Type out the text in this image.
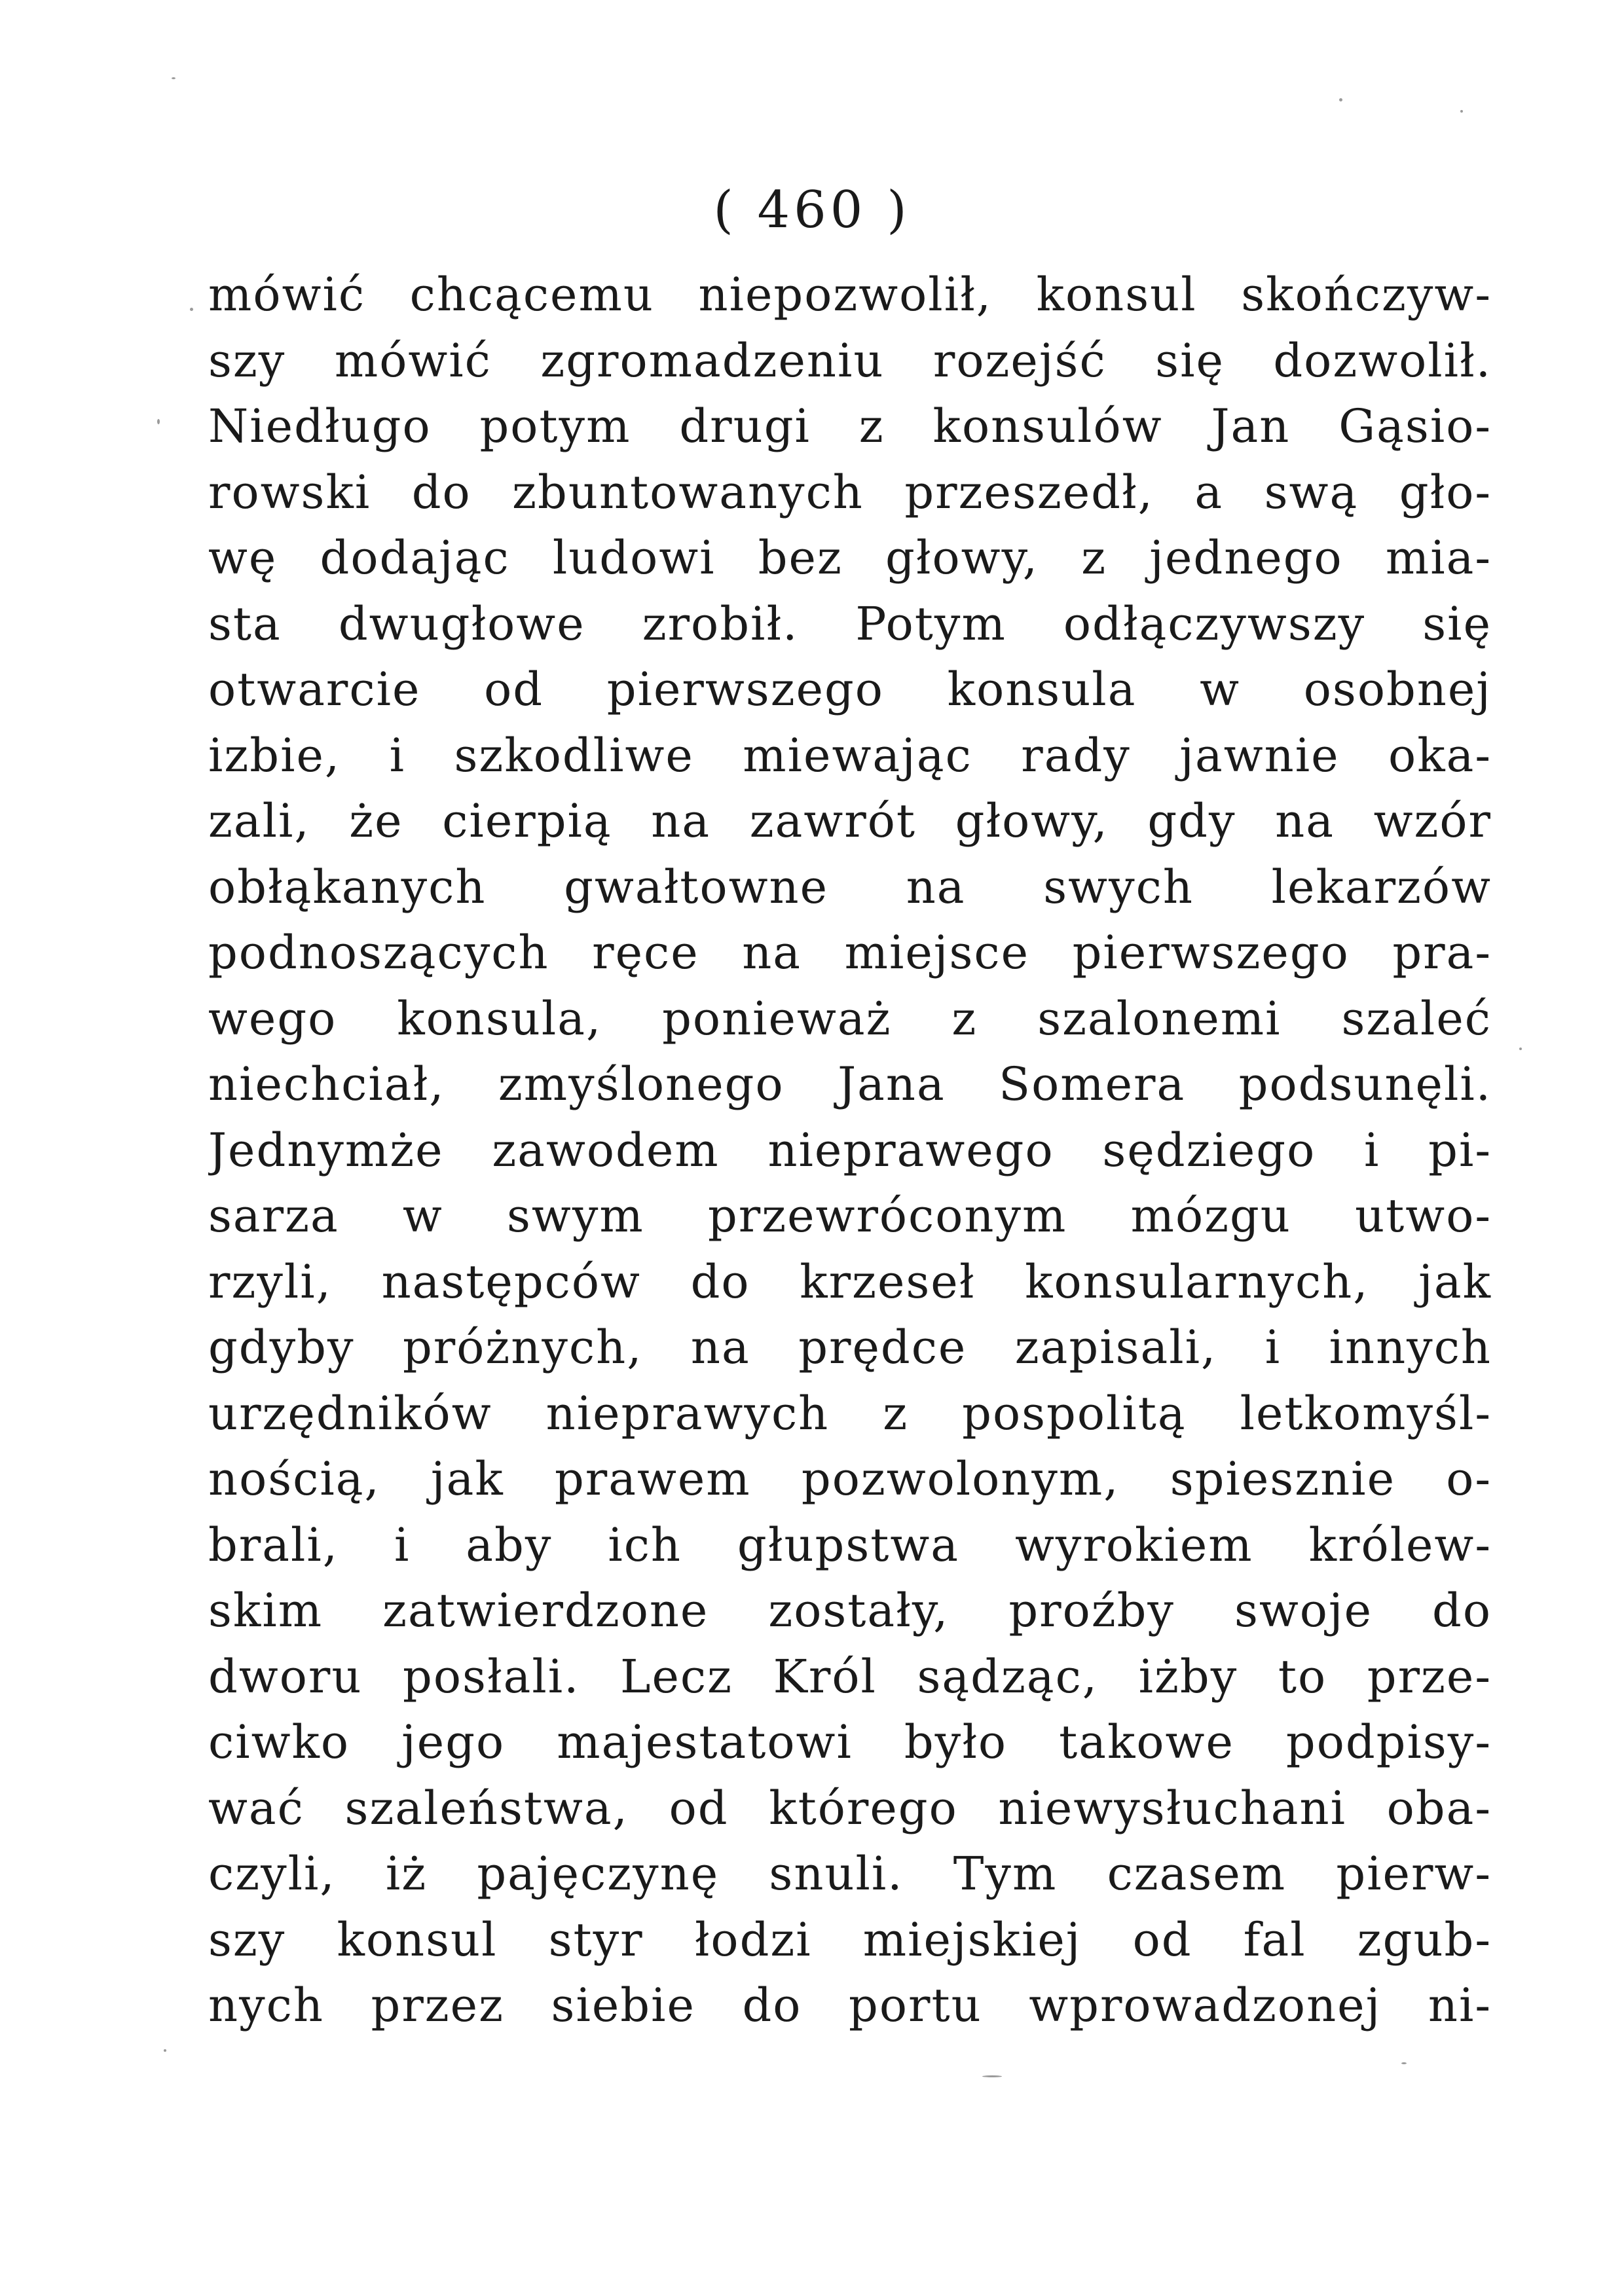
( 460 )
mówić chcącemu niepozwolił, konsul skończyw-
szy mówić zgromadzeniu rozejść się dozwolił.
Niedługo potym drugi z konsulów Jan Gąsio-
rowski do zbuntowanych przeszedł, a swą gło-
wę dodając ludowi bez głowy, z jednego mia-
sta dwugłowe zrobił. Potym odłączywszy się
otwarcie od pierwszego konsula w osobnej
izbie, i szkodliwe miewając rady jawnie oka-
zali, że cierpią na zawrót głowy, gdy na wzór
obłąkanych gwałtowne na swych lekarzów
podnoszących ręce na miejsce pierwszego pra-
wego konsula, ponieważ z szalonemi szaleć
niechciał, zmyślonego Jana Somera podsunęli.
Jednymże zawodem nieprawego sędziego i pi-
sarza w swym przewróconym mózgu utwo-
rzyli, następców do krzeseł konsularnych, jak
gdyby próżnych, na prędce zapisali, i innych
urzędników nieprawych z pospolitą letkomyśl-
nością, jak prawem pozwolonym, spiesznie o-
brali, i aby ich głupstwa wyrokiem królew-
skim zatwierdzone zostały, proźby swoje do
dworu posłali. Lecz Król sądząc, iżby to prze-
ciwko jego majestatowi było takowe podpisy-
wać szaleństwa, od którego niewysłuchani oba-
czyli, iż pajęczynę snuli. Tym czasem pierw-
szy konsul styr łodzi miejskiej od fal zgub-
nych przez siebie do portu wprowadzonej ni-
